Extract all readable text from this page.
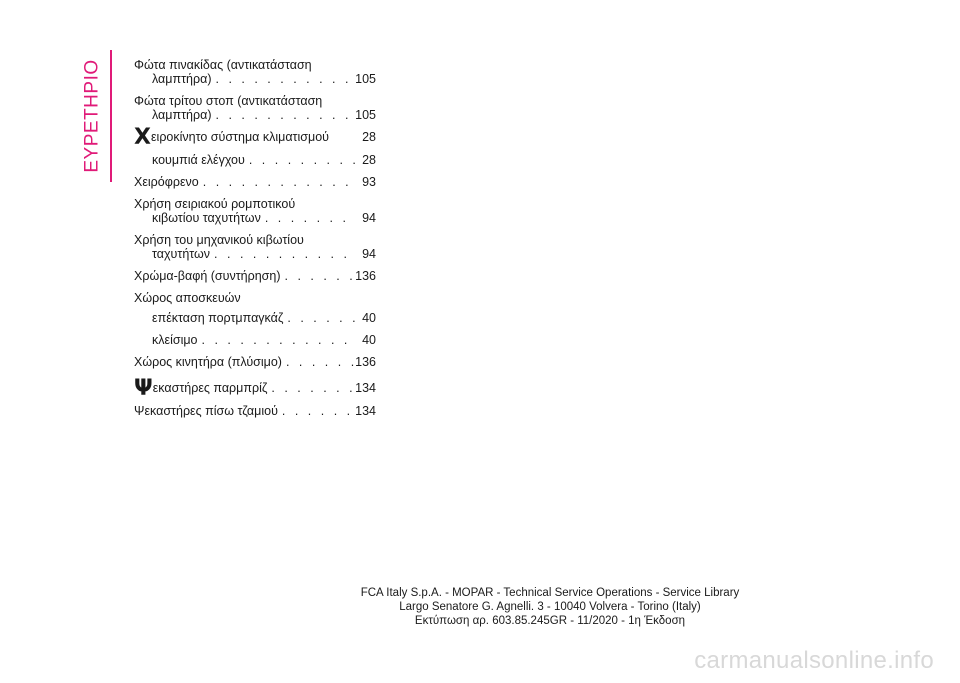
ΕΥΡΕΤΗΡΙΟ Φώτα πινακίδας (αντικατάσταση
λαμπτήρα) . . .	105
Φώτα τρίτου στοπ (αντικατάσταση
λαμπτήρα) . . .	105
Χειροκίνητο σύστημα κλιματισμού	28
κουμπιά ελέγχου . . .	28
Χειρόφρενο . . .	93
Χρήση σειριακού ρομποτικού
κιβωτίου ταχυτήτων . . .	94
Χρήση του μηχανικού κιβωτίου
ταχυτήτων . . .	94
Χρώμα-βαφή (συντήρηση) . . .	136
Χώρος αποσκευών
επέκταση πορτμπαγκάζ . . .	40
κλείσιμο . . .	40
Χώρος κινητήρα (πλύσιμο) . . .	136
Ψεκαστήρες παρμπρίζ . . .	134
Ψεκαστήρες πίσω τζαμιού . . .	134
FCA Italy S.p.A. - MOPAR - Technical Service Operations - Service Library
Largo Senatore G. Agnelli. 3 - 10040 Volvera - Torino (Italy)
Εκτύπωση αρ. 603.85.245GR - 11/2020 - 1η Έκδοση
carmanualsonline.info
